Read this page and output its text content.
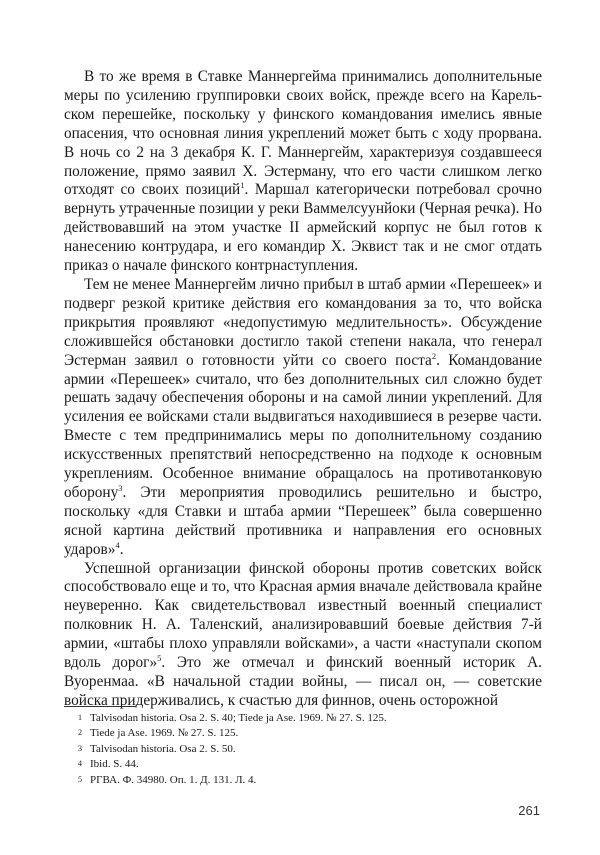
В то же время в Ставке Маннергейма принимались дополнительные меры по усилению группировки своих войск, прежде всего на Карельском перешейке, поскольку у финского командования имелись явные опасения, что основная линия укреплений может быть с ходу прорвана. В ночь со 2 на 3 декабря К. Г. Маннергейм, характеризуя создавшееся положение, прямо заявил Х. Эстерману, что его части слишком легко отходят со своих позиций$^1$. Маршал категорически потребовал срочно вернуть утраченные позиции у реки Ваммелсуунйоки (Черная речка). Но действовавший на этом участке II армейский корпус не был готов к нанесению контрудара, и его командир Х. Эквист так и не смог отдать приказ о начале финского контрнаступления.

Тем не менее Маннергейм лично прибыл в штаб армии «Перешеек» и подверг резкой критике действия его командования за то, что войска прикрытия проявляют «недопустимую медлительность». Обсуждение сложившейся обстановки достигло такой степени накала, что генерал Эстерман заявил о готовности уйти со своего поста$^2$. Командование армии «Перешеек» считало, что без дополнительных сил сложно будет решать задачу обеспечения обороны и на самой линии укреплений. Для усиления ее войсками стали выдвигаться находившиеся в резерве части. Вместе с тем предпринимались меры по дополнительному созданию искусственных препятствий непосредственно на подходе к основным укреплениям. Особенное внимание обращалось на противотанковую оборону$^3$. Эти мероприятия проводились решительно и быстро, поскольку «для Ставки и штаба армии “Перешеек” была совершенно ясной картина действий противника и направления его основных ударов»$^4$.

Успешной организации финской обороны против советских войск способствовало еще и то, что Красная армия вначале действовала крайне неуверенно. Как свидетельствовал известный военный специалист полковник Н. А. Таленский, анализировавший боевые действия 7-й армии, «штабы плохо управляли войсками», а части «наступали скопом вдоль дорог»$^5$. Это же отмечал и финский военный историк А. Вуоренмаа. «В начальной стадии войны, — писал он, — советские войска придерживались, к счастью для финнов, очень осторожной

1 Talvisodan historia. Osa 2. S. 40; Tiede ja Ase. 1969. № 27. S. 125.
2 Tiede ja Ase. 1969. № 27. S. 125.
3 Talvisodan historia. Osa 2. S. 50.
4 Ibid. S. 44.
5 РГВА. Ф. 34980. Оп. 1. Д. 131. Л. 4.
261
